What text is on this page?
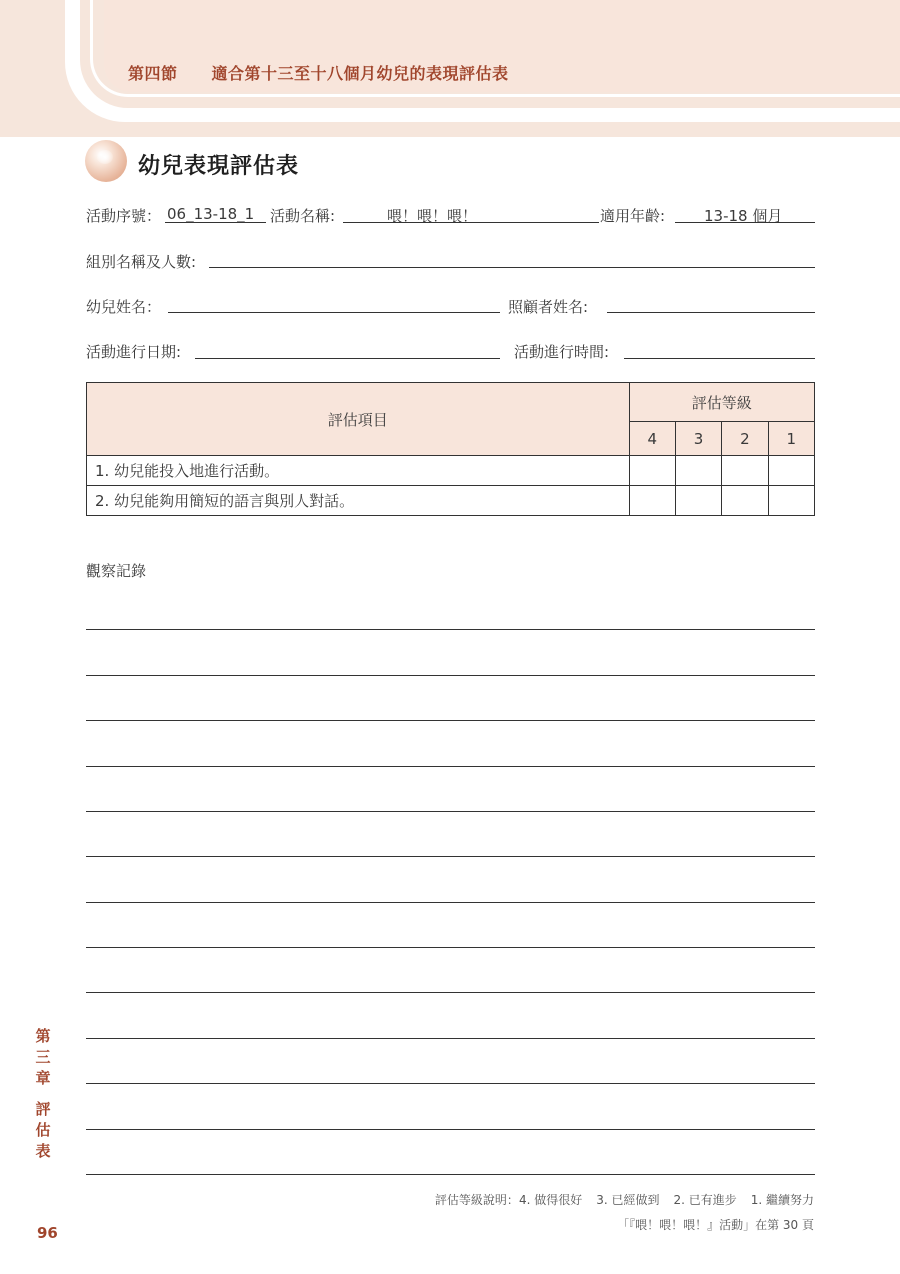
第四節 適合第十三至十八個月幼兒的表現評估表
幼兒表現評估表
活動序號： 06_13-18_1 活動名稱:	喂！喂！喂！	適用年齡:	13-18 個月
組別名稱及人數:
幼兒姓名：	照顧者姓名:
活動進行日期:	活動進行時間:
評估項目	評估等級			
	4	3	2	1
1. 幼兒能投入地進行活動。				
2. 幼兒能夠用簡短的語言與別人對話。				
觀察記錄
第三章
評估表
評估等級說明：4. 做得很好 3. 已經做到 2. 已有進步 1. 繼續努力
「『喂！喂！喂！』活動」在第 30 頁
96
